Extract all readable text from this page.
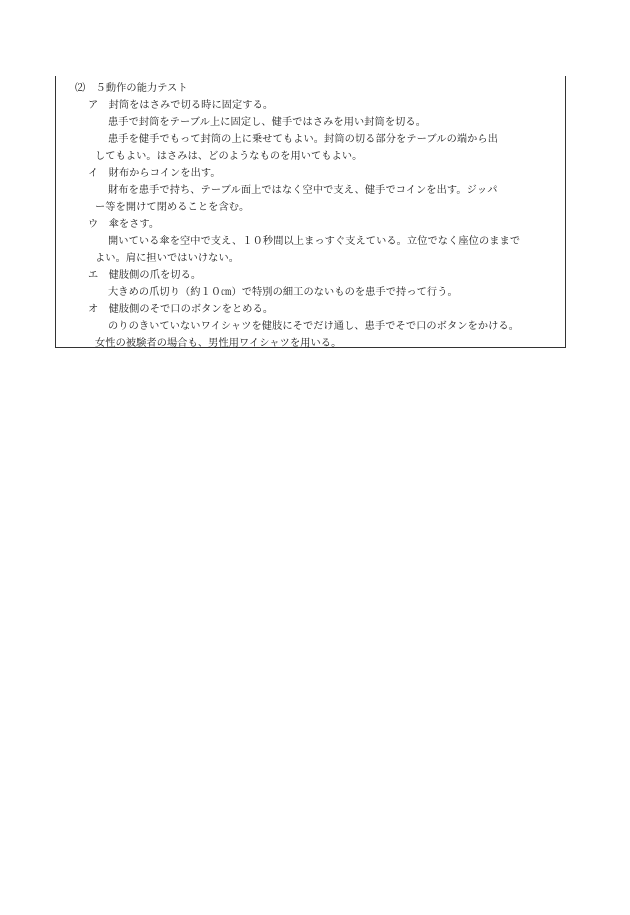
⑵　５動作の能力テスト
ア　封筒をはさみで切る時に固定する。
患手で封筒をテーブル上に固定し、健手ではさみを用い封筒を切る。
患手を健手でもって封筒の上に乗せてもよい。封筒の切る部分をテーブルの端から出
してもよい。はさみは、どのようなものを用いてもよい。
イ　財布からコインを出す。
財布を患手で持ち、テーブル面上ではなく空中で支え、健手でコインを出す。ジッパ
ー等を開けて閉めることを含む。
ウ　傘をさす。
開いている傘を空中で支え、１０秒間以上まっすぐ支えている。立位でなく座位のままで
よい。肩に担いではいけない。
エ　健肢側の爪を切る。
大きめの爪切り（約１０㎝）で特別の細工のないものを患手で持って行う。
オ　健肢側のそで口のボタンをとめる。
のりのきいていないワイシャツを健肢にそでだけ通し、患手でそで口のボタンをかける。
女性の被験者の場合も、男性用ワイシャツを用いる。
